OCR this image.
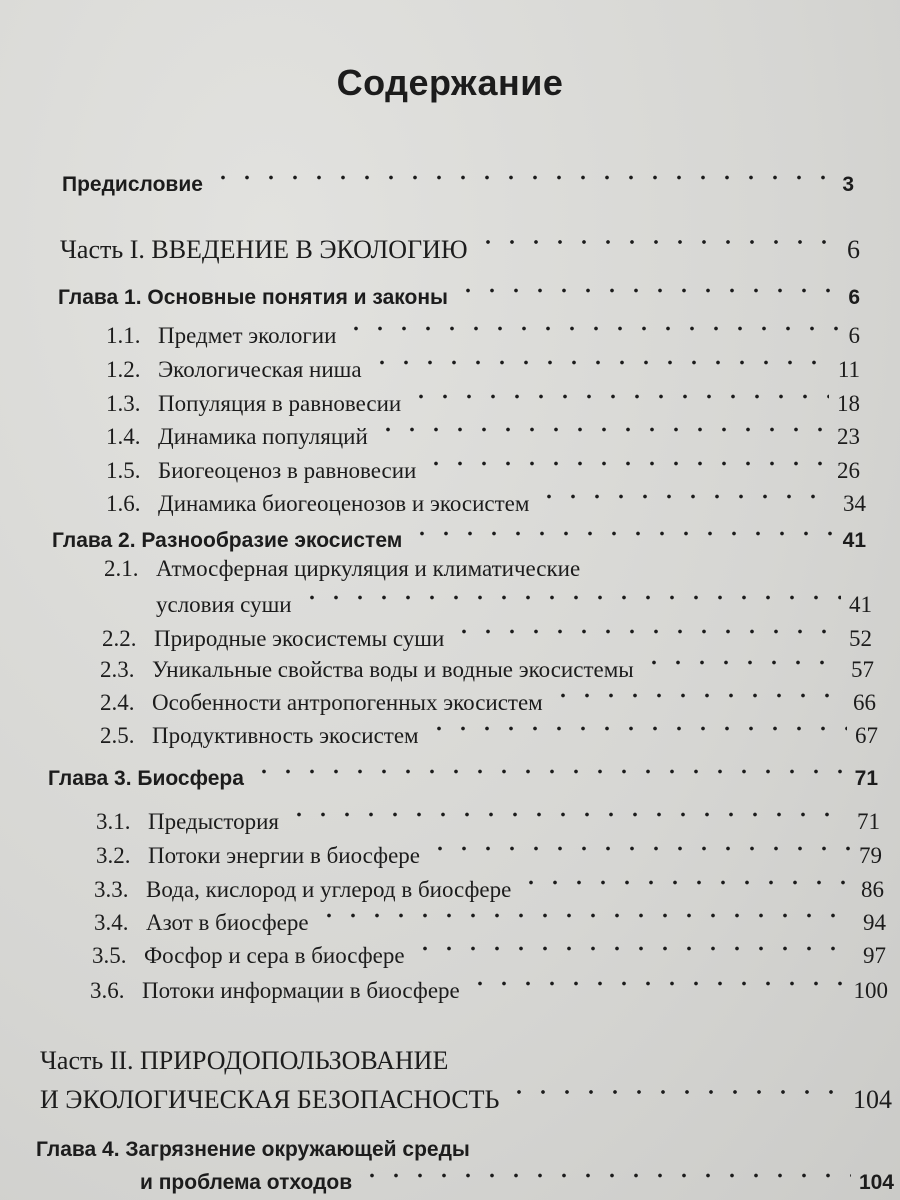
Содержание
Предисловие	3
Часть I. ВВЕДЕНИЕ В ЭКОЛОГИЮ	6
Глава 1. Основные понятия и законы	6
1.1. Предмет экологии	6
1.2. Экологическая ниша	11
1.3. Популяция в равновесии	18
1.4. Динамика популяций	23
1.5. Биогеоценоз в равновесии	26
1.6. Динамика биогеоценозов и экосистем	34
Глава 2. Разнообразие экосистем	41
2.1. Атмосферная циркуляция и климатические
условия суши	41
2.2. Природные экосистемы суши	52
2.3. Уникальные свойства воды и водные экосистемы	57
2.4. Особенности антропогенных экосистем	66
2.5. Продуктивность экосистем	67
Глава 3. Биосфера	71
3.1. Предыстория	71
3.2. Потоки энергии в биосфере	79
3.3. Вода, кислород и углерод в биосфере	86
3.4. Азот в биосфере	94
3.5. Фосфор и сера в биосфере	97
3.6. Потоки информации в биосфере	100
Часть II. ПРИРОДОПОЛЬЗОВАНИЕ
И ЭКОЛОГИЧЕСКАЯ БЕЗОПАСНОСТЬ	104
Глава 4. Загрязнение окружающей среды
и проблема отходов	104
